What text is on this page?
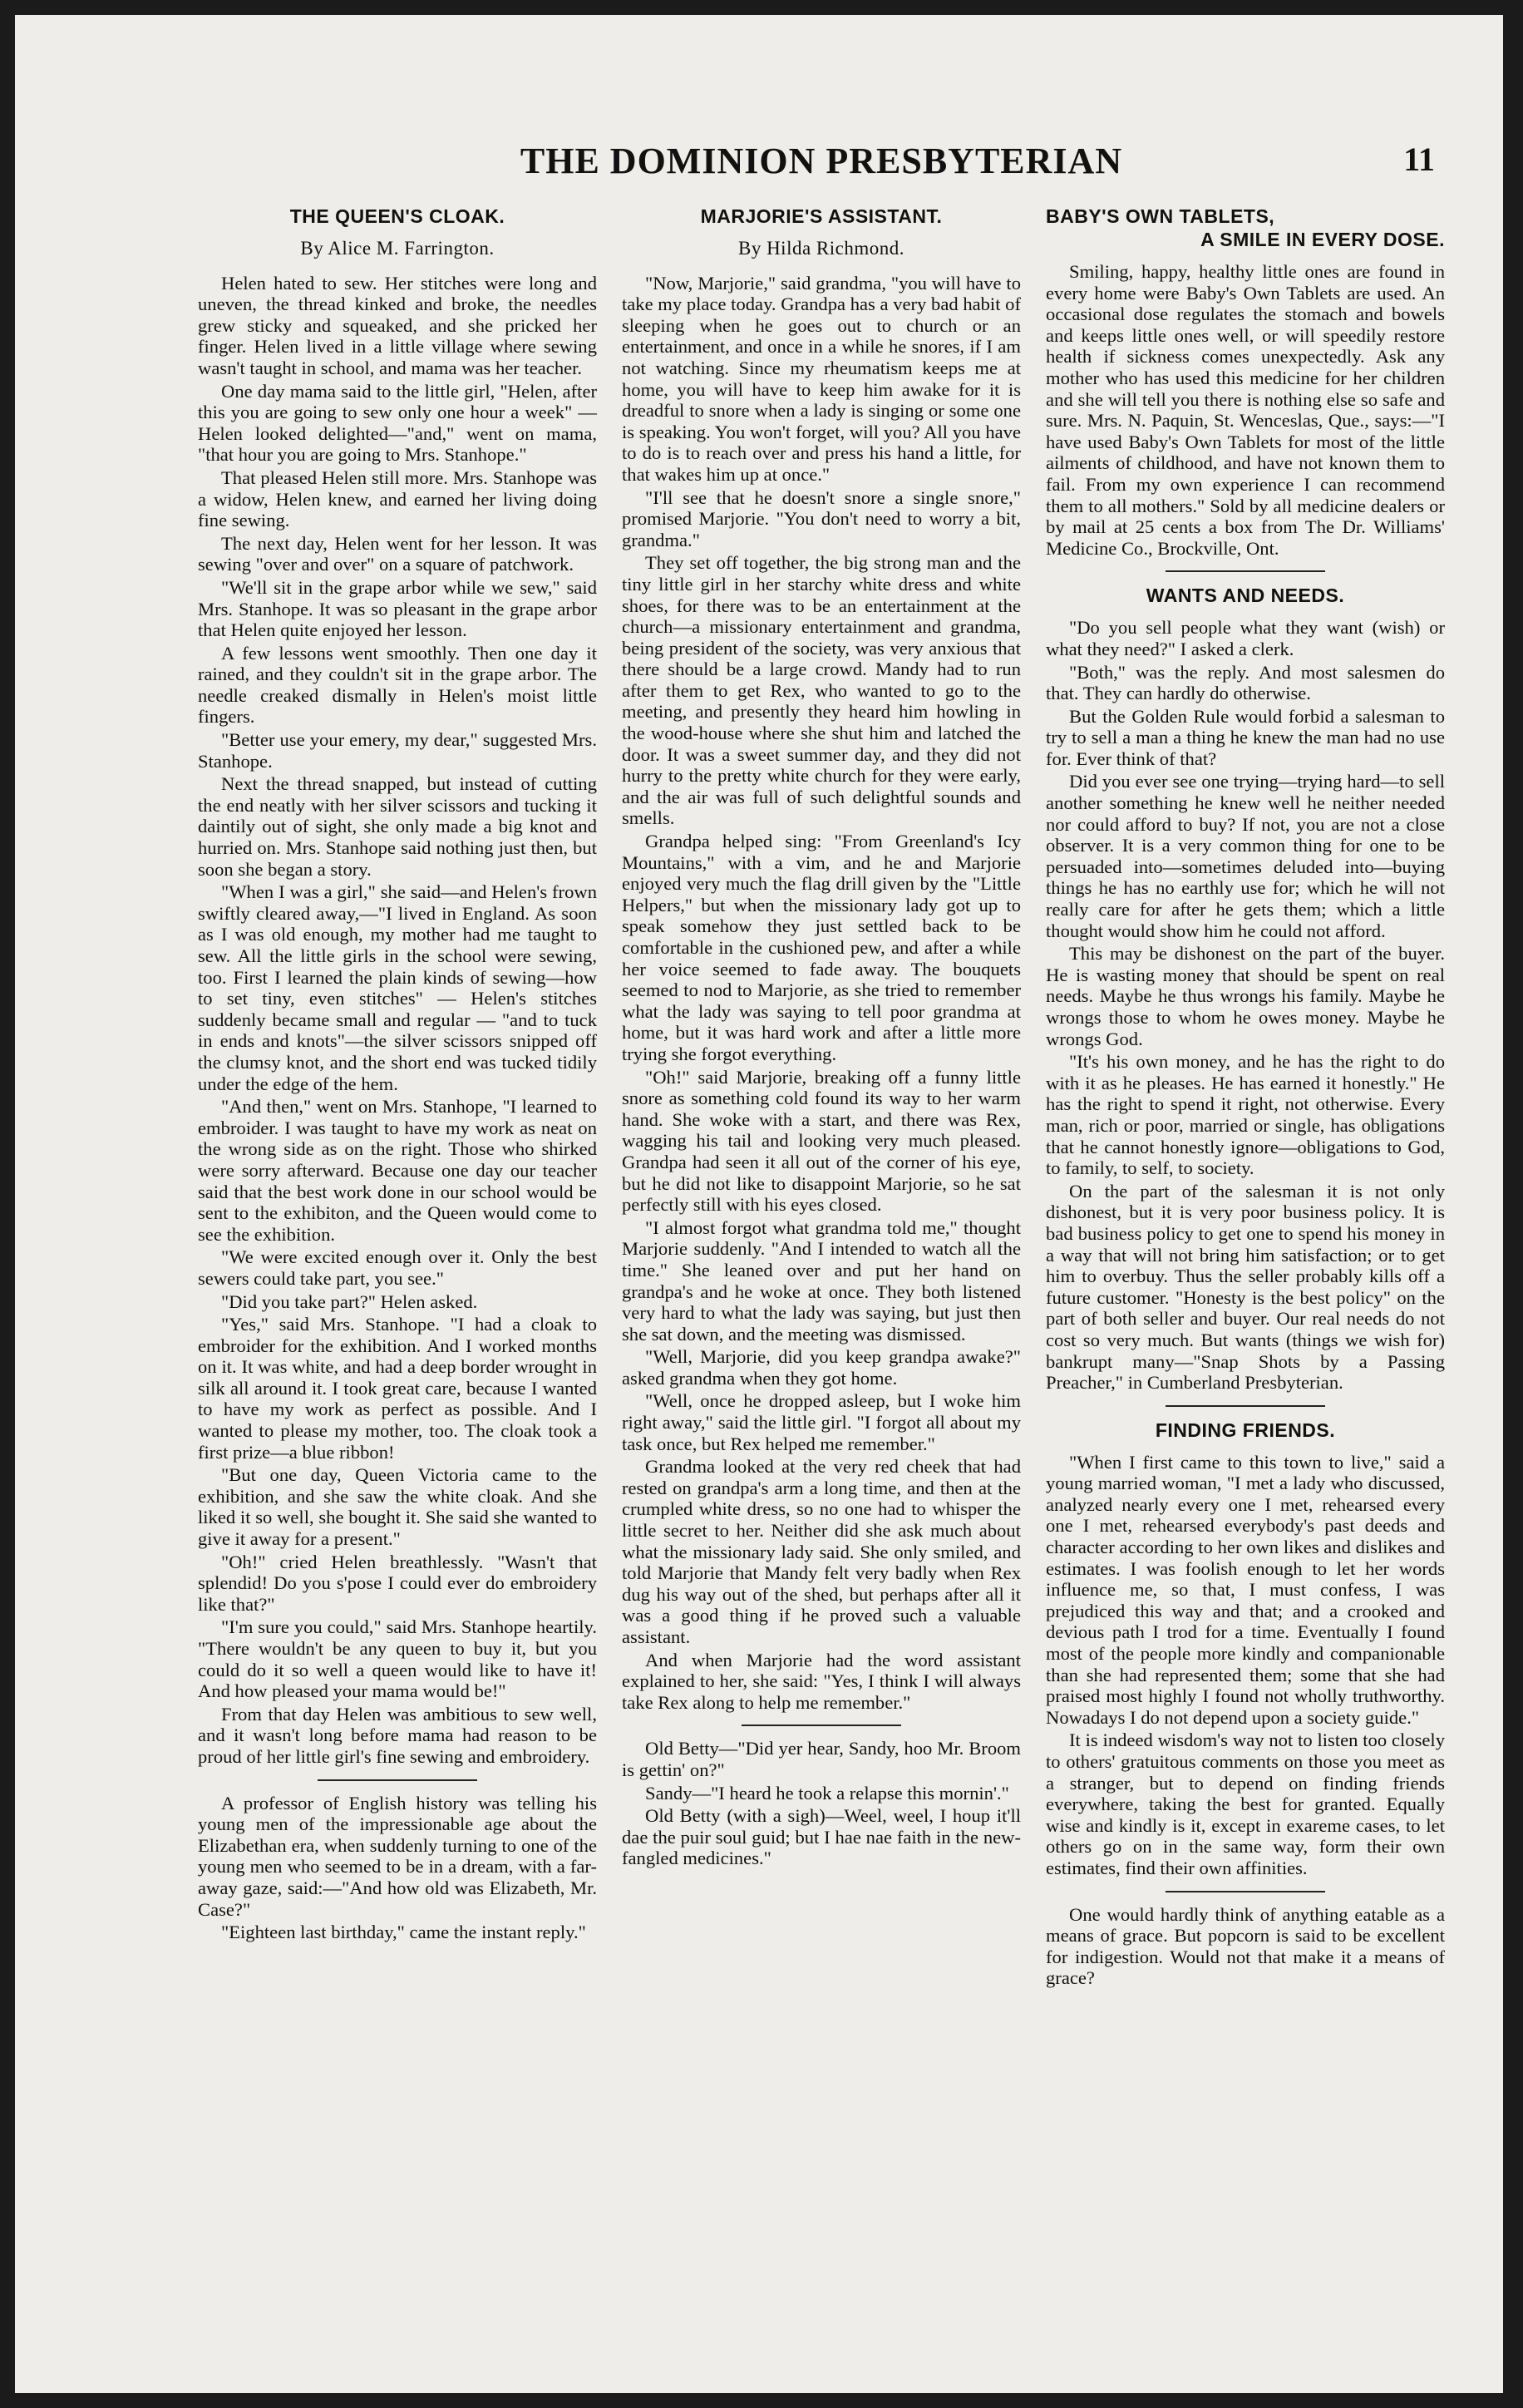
THE DOMINION PRESBYTERIAN	11
THE QUEEN'S CLOAK.
By Alice M. Farrington.

Helen hated to sew. Her stitches were long and uneven, the thread kinked and broke, the needles grew sticky and squeaked, and she pricked her finger. Helen lived in a little village where sewing wasn't taught in school, and mama was her teacher.

One day mama said to the little girl, "Helen, after this you are going to sew only one hour a week" — Helen looked delighted—"and," went on mama, "that hour you are going to Mrs. Stanhope."

That pleased Helen still more. Mrs. Stanhope was a widow, Helen knew, and earned her living doing fine sewing.

The next day, Helen went for her lesson. It was sewing "over and over" on a square of patchwork.

"We'll sit in the grape arbor while we sew," said Mrs. Stanhope. It was so pleasant in the grape arbor that Helen quite enjoyed her lesson.

A few lessons went smoothly. Then one day it rained, and they couldn't sit in the grape arbor. The needle creaked dismally in Helen's moist little fingers.

"Better use your emery, my dear," suggested Mrs. Stanhope.

Next the thread snapped, but instead of cutting the end neatly with her silver scissors and tucking it daintily out of sight, she only made a big knot and hurried on. Mrs. Stanhope said nothing just then, but soon she began a story.

"When I was a girl," she said—and Helen's frown swiftly cleared away,—"I lived in England. As soon as I was old enough, my mother had me taught to sew. All the little girls in the school were sewing, too. First I learned the plain kinds of sewing—how to set tiny, even stitches" — Helen's stitches suddenly became small and regular — "and to tuck in ends and knots"—the silver scissors snipped off the clumsy knot, and the short end was tucked tidily under the edge of the hem.

"And then," went on Mrs. Stanhope, "I learned to embroider. I was taught to have my work as neat on the wrong side as on the right. Those who shirked were sorry afterward. Because one day our teacher said that the best work done in our school would be sent to the exhibiton, and the Queen would come to see the exhibition.

"We were excited enough over it. Only the best sewers could take part, you see."

"Did you take part?" Helen asked.

"Yes," said Mrs. Stanhope. "I had a cloak to embroider for the exhibition. And I worked months on it. It was white, and had a deep border wrought in silk all around it. I took great care, because I wanted to have my work as perfect as possible. And I wanted to please my mother, too. The cloak took a first prize—a blue ribbon!

"But one day, Queen Victoria came to the exhibition, and she saw the white cloak. And she liked it so well, she bought it. She said she wanted to give it away for a present."

"Oh!" cried Helen breathlessly. "Wasn't that splendid! Do you s'pose I could ever do embroidery like that?"

"I'm sure you could," said Mrs. Stanhope heartily. "There wouldn't be any queen to buy it, but you could do it so well a queen would like to have it! And how pleased your mama would be!"

From that day Helen was ambitious to sew well, and it wasn't long before mama had reason to be proud of her little girl's fine sewing and embroidery.

A professor of English history was telling his young men of the impressionable age about the Elizabethan era, when suddenly turning to one of the young men who seemed to be in a dream, with a far-away gaze, said:—"And how old was Elizabeth, Mr. Case?"

"Eighteen last birthday," came the instant reply."

MARJORIE'S ASSISTANT.
By Hilda Richmond.

"Now, Marjorie," said grandma, "you will have to take my place today. Grandpa has a very bad habit of sleeping when he goes out to church or an entertainment, and once in a while he snores, if I am not watching. Since my rheumatism keeps me at home, you will have to keep him awake for it is dreadful to snore when a lady is singing or some one is speaking. You won't forget, will you? All you have to do is to reach over and press his hand a little, for that wakes him up at once."

"I'll see that he doesn't snore a single snore," promised Marjorie. "You don't need to worry a bit, grandma."

They set off together, the big strong man and the tiny little girl in her starchy white dress and white shoes, for there was to be an entertainment at the church—a missionary entertainment and grandma, being president of the society, was very anxious that there should be a large crowd. Mandy had to run after them to get Rex, who wanted to go to the meeting, and presently they heard him howling in the wood-house where she shut him and latched the door. It was a sweet summer day, and they did not hurry to the pretty white church for they were early, and the air was full of such delightful sounds and smells.

Grandpa helped sing: "From Greenland's Icy Mountains," with a vim, and he and Marjorie enjoyed very much the flag drill given by the "Little Helpers," but when the missionary lady got up to speak somehow they just settled back to be comfortable in the cushioned pew, and after a while her voice seemed to fade away. The bouquets seemed to nod to Marjorie, as she tried to remember what the lady was saying to tell poor grandma at home, but it was hard work and after a little more trying she forgot everything.

"Oh!" said Marjorie, breaking off a funny little snore as something cold found its way to her warm hand. She woke with a start, and there was Rex, wagging his tail and looking very much pleased. Grandpa had seen it all out of the corner of his eye, but he did not like to disappoint Marjorie, so he sat perfectly still with his eyes closed.

"I almost forgot what grandma told me," thought Marjorie suddenly. "And I intended to watch all the time." She leaned over and put her hand on grandpa's and he woke at once. They both listened very hard to what the lady was saying, but just then she sat down, and the meeting was dismissed.

"Well, Marjorie, did you keep grandpa awake?" asked grandma when they got home.

"Well, once he dropped asleep, but I woke him right away," said the little girl. "I forgot all about my task once, but Rex helped me remember."

Grandma looked at the very red cheek that had rested on grandpa's arm a long time, and then at the crumpled white dress, so no one had to whisper the little secret to her. Neither did she ask much about what the missionary lady said. She only smiled, and told Marjorie that Mandy felt very badly when Rex dug his way out of the shed, but perhaps after all it was a good thing if he proved such a valuable assistant.

And when Marjorie had the word assistant explained to her, she said: "Yes, I think I will always take Rex along to help me remember."

Old Betty—"Did yer hear, Sandy, hoo Mr. Broom is gettin' on?"

Sandy—"I heard he took a relapse this mornin'."

Old Betty (with a sigh)—Weel, weel, I houp it'll dae the puir soul guid; but I hae nae faith in the new-fangled medicines."

BABY'S OWN TABLETS,
A SMILE IN EVERY DOSE.

Smiling, happy, healthy little ones are found in every home were Baby's Own Tablets are used. An occasional dose regulates the stomach and bowels and keeps little ones well, or will speedily restore health if sickness comes unexpectedly. Ask any mother who has used this medicine for her children and she will tell you there is nothing else so safe and sure. Mrs. N. Paquin, St. Wenceslas, Que., says:—"I have used Baby's Own Tablets for most of the little ailments of childhood, and have not known them to fail. From my own experience I can recommend them to all mothers." Sold by all medicine dealers or by mail at 25 cents a box from The Dr. Williams' Medicine Co., Brockville, Ont.

WANTS AND NEEDS.

"Do you sell people what they want (wish) or what they need?" I asked a clerk.

"Both," was the reply. And most salesmen do that. They can hardly do otherwise.

But the Golden Rule would forbid a salesman to try to sell a man a thing he knew the man had no use for. Ever think of that?

Did you ever see one trying—trying hard—to sell another something he knew well he neither needed nor could afford to buy? If not, you are not a close observer. It is a very common thing for one to be persuaded into—sometimes deluded into—buying things he has no earthly use for; which he will not really care for after he gets them; which a little thought would show him he could not afford.

This may be dishonest on the part of the buyer. He is wasting money that should be spent on real needs. Maybe he thus wrongs his family. Maybe he wrongs those to whom he owes money. Maybe he wrongs God.

"It's his own money, and he has the right to do with it as he pleases. He has earned it honestly." He has the right to spend it right, not otherwise. Every man, rich or poor, married or single, has obligations that he cannot honestly ignore—obligations to God, to family, to self, to society.

On the part of the salesman it is not only dishonest, but it is very poor business policy. It is bad business policy to get one to spend his money in a way that will not bring him satisfaction; or to get him to overbuy. Thus the seller probably kills off a future customer. "Honesty is the best policy" on the part of both seller and buyer. Our real needs do not cost so very much. But wants (things we wish for) bankrupt many—"Snap Shots by a Passing Preacher," in Cumberland Presbyterian.

FINDING FRIENDS.

"When I first came to this town to live," said a young married woman, "I met a lady who discussed, analyzed nearly every one I met, rehearsed every one I met, rehearsed everybody's past deeds and character according to her own likes and dislikes and estimates. I was foolish enough to let her words influence me, so that, I must confess, I was prejudiced this way and that; and a crooked and devious path I trod for a time. Eventually I found most of the people more kindly and companionable than she had represented them; some that she had praised most highly I found not wholly truthworthy. Nowadays I do not depend upon a society guide."

It is indeed wisdom's way not to listen too closely to others' gratuitous comments on those you meet as a stranger, but to depend on finding friends everywhere, taking the best for granted. Equally wise and kindly is it, except in exareme cases, to let others go on in the same way, form their own estimates, find their own affinities.

One would hardly think of anything eatable as a means of grace. But popcorn is said to be excellent for indigestion. Would not that make it a means of grace?
